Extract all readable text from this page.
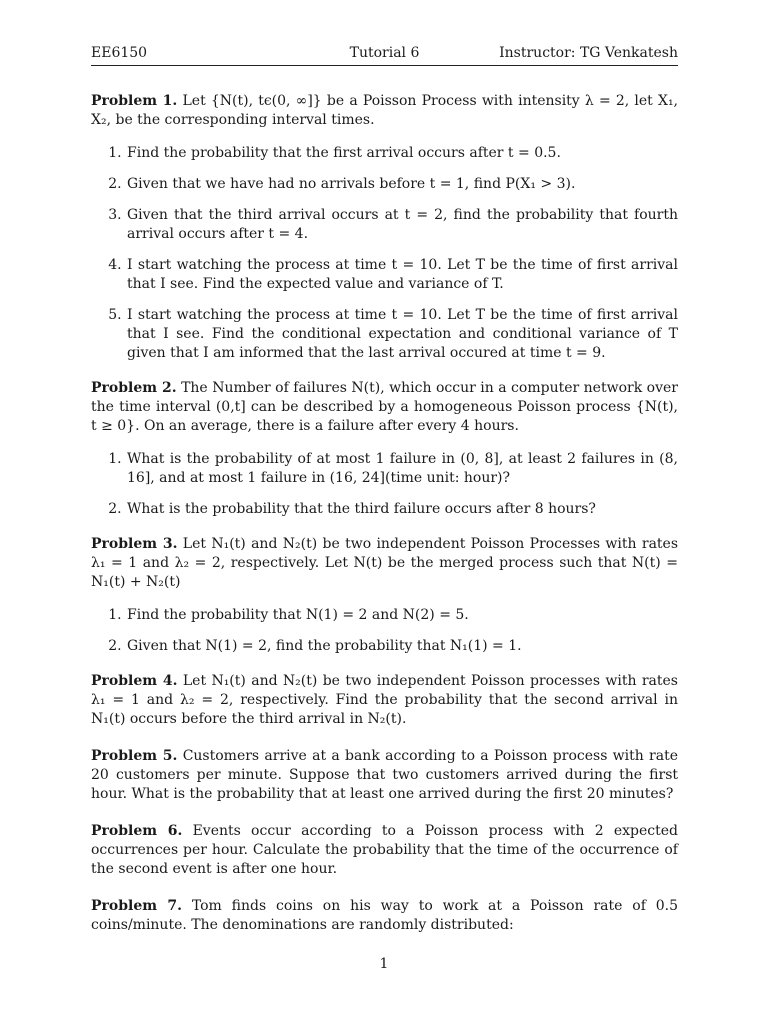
EE6150	Tutorial 6	Instructor: TG Venkatesh

Problem 1. Let {N(t), tϵ(0, ∞]} be a Poisson Process with intensity λ = 2, let X₁, X₂, be the corresponding interval times.

1. Find the probability that the first arrival occurs after t = 0.5.
2. Given that we have had no arrivals before t = 1, find P(X₁ > 3).
3. Given that the third arrival occurs at t = 2, find the probability that fourth arrival occurs after t = 4.
4. I start watching the process at time t = 10. Let T be the time of first arrival that I see. Find the expected value and variance of T.
5. I start watching the process at time t = 10. Let T be the time of first arrival that I see. Find the conditional expectation and conditional variance of T given that I am informed that the last arrival occured at time t = 9.

Problem 2. The Number of failures N(t), which occur in a computer network over the time interval (0,t] can be described by a homogeneous Poisson process {N(t), t ≥ 0}. On an average, there is a failure after every 4 hours.

1. What is the probability of at most 1 failure in (0, 8], at least 2 failures in (8, 16], and at most 1 failure in (16, 24](time unit: hour)?
2. What is the probability that the third failure occurs after 8 hours?

Problem 3. Let N₁(t) and N₂(t) be two independent Poisson Processes with rates λ₁ = 1 and λ₂ = 2, respectively. Let N(t) be the merged process such that N(t) = N₁(t) + N₂(t)

1. Find the probability that N(1) = 2 and N(2) = 5.
2. Given that N(1) = 2, find the probability that N₁(1) = 1.

Problem 4. Let N₁(t) and N₂(t) be two independent Poisson processes with rates λ₁ = 1 and λ₂ = 2, respectively. Find the probability that the second arrival in N₁(t) occurs before the third arrival in N₂(t).

Problem 5. Customers arrive at a bank according to a Poisson process with rate 20 customers per minute. Suppose that two customers arrived during the first hour. What is the probability that at least one arrived during the first 20 minutes?

Problem 6. Events occur according to a Poisson process with 2 expected occurrences per hour. Calculate the probability that the time of the occurrence of the second event is after one hour.

Problem 7. Tom finds coins on his way to work at a Poisson rate of 0.5 coins/minute. The denominations are randomly distributed:

1
